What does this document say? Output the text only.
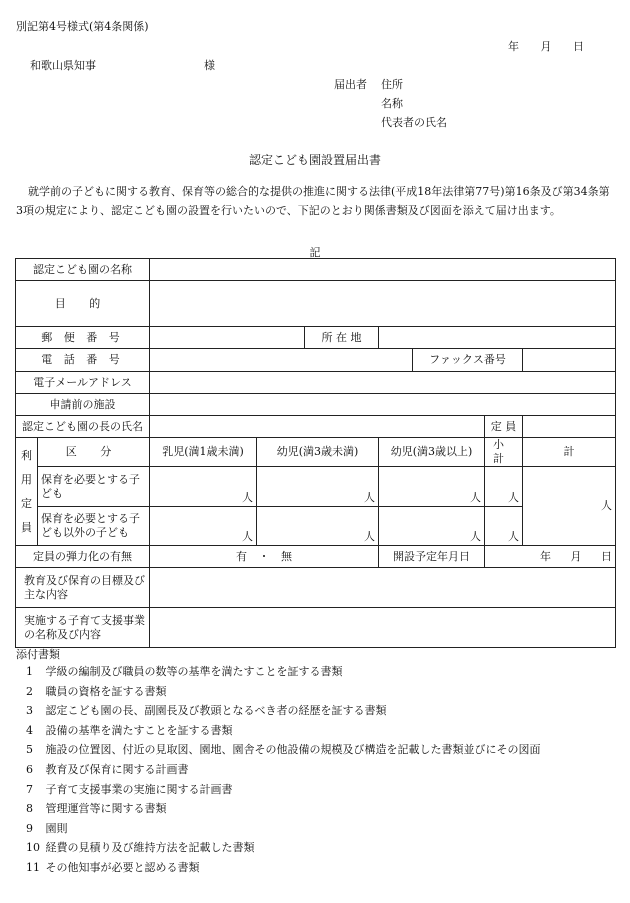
別記第4号様式(第4条関係)
年 月 日
和歌山県知事	様
届出者 住所
名称
代表者の氏名
認定こども園設置届出書
就学前の子どもに関する教育、保育等の総合的な提供の推進に関する法律(平成18年法律第77号)第16条及び第34条第3項の規定により、認定こども園の設置を行いたいので、下記のとおり関係書類及び図面を添えて届け出ます。
記
認定こども園の名称								
目 的								
郵 便 番 号				所 在 地				
電 話 番 号						ファックス番号		
電子メールアドレス								
申請前の施設								
認定こども園の長の氏名							定 員	
利
用
定
員	区 分	乳児(満1歳未満)	幼児(満3歳未満)		幼児(満3歳以上)		小 計	計
	保育を必要とする子ども	人	人		人		人	人
	保育を必要とする子ども以外の子ども	人	人		人		人	
定員の弾力化の有無		有 ・ 無			開設予定年月日		年 月 日	
教育及び保育の目標及び主な内容								
実施する子育て支援事業の名称及び内容								
添付書類
1 学級の編制及び職員の数等の基準を満たすことを証する書類
2 職員の資格を証する書類
3 認定こども園の長、副園長及び教頭となるべき者の経歴を証する書類
4 設備の基準を満たすことを証する書類
5 施設の位置図、付近の見取図、園地、園舎その他設備の規模及び構造を記載した書類並びにその図面
6 教育及び保育に関する計画書
7 子育て支援事業の実施に関する計画書
8 管理運営等に関する書類
9 園則
10 経費の見積り及び維持方法を記載した書類
11 その他知事が必要と認める書類
